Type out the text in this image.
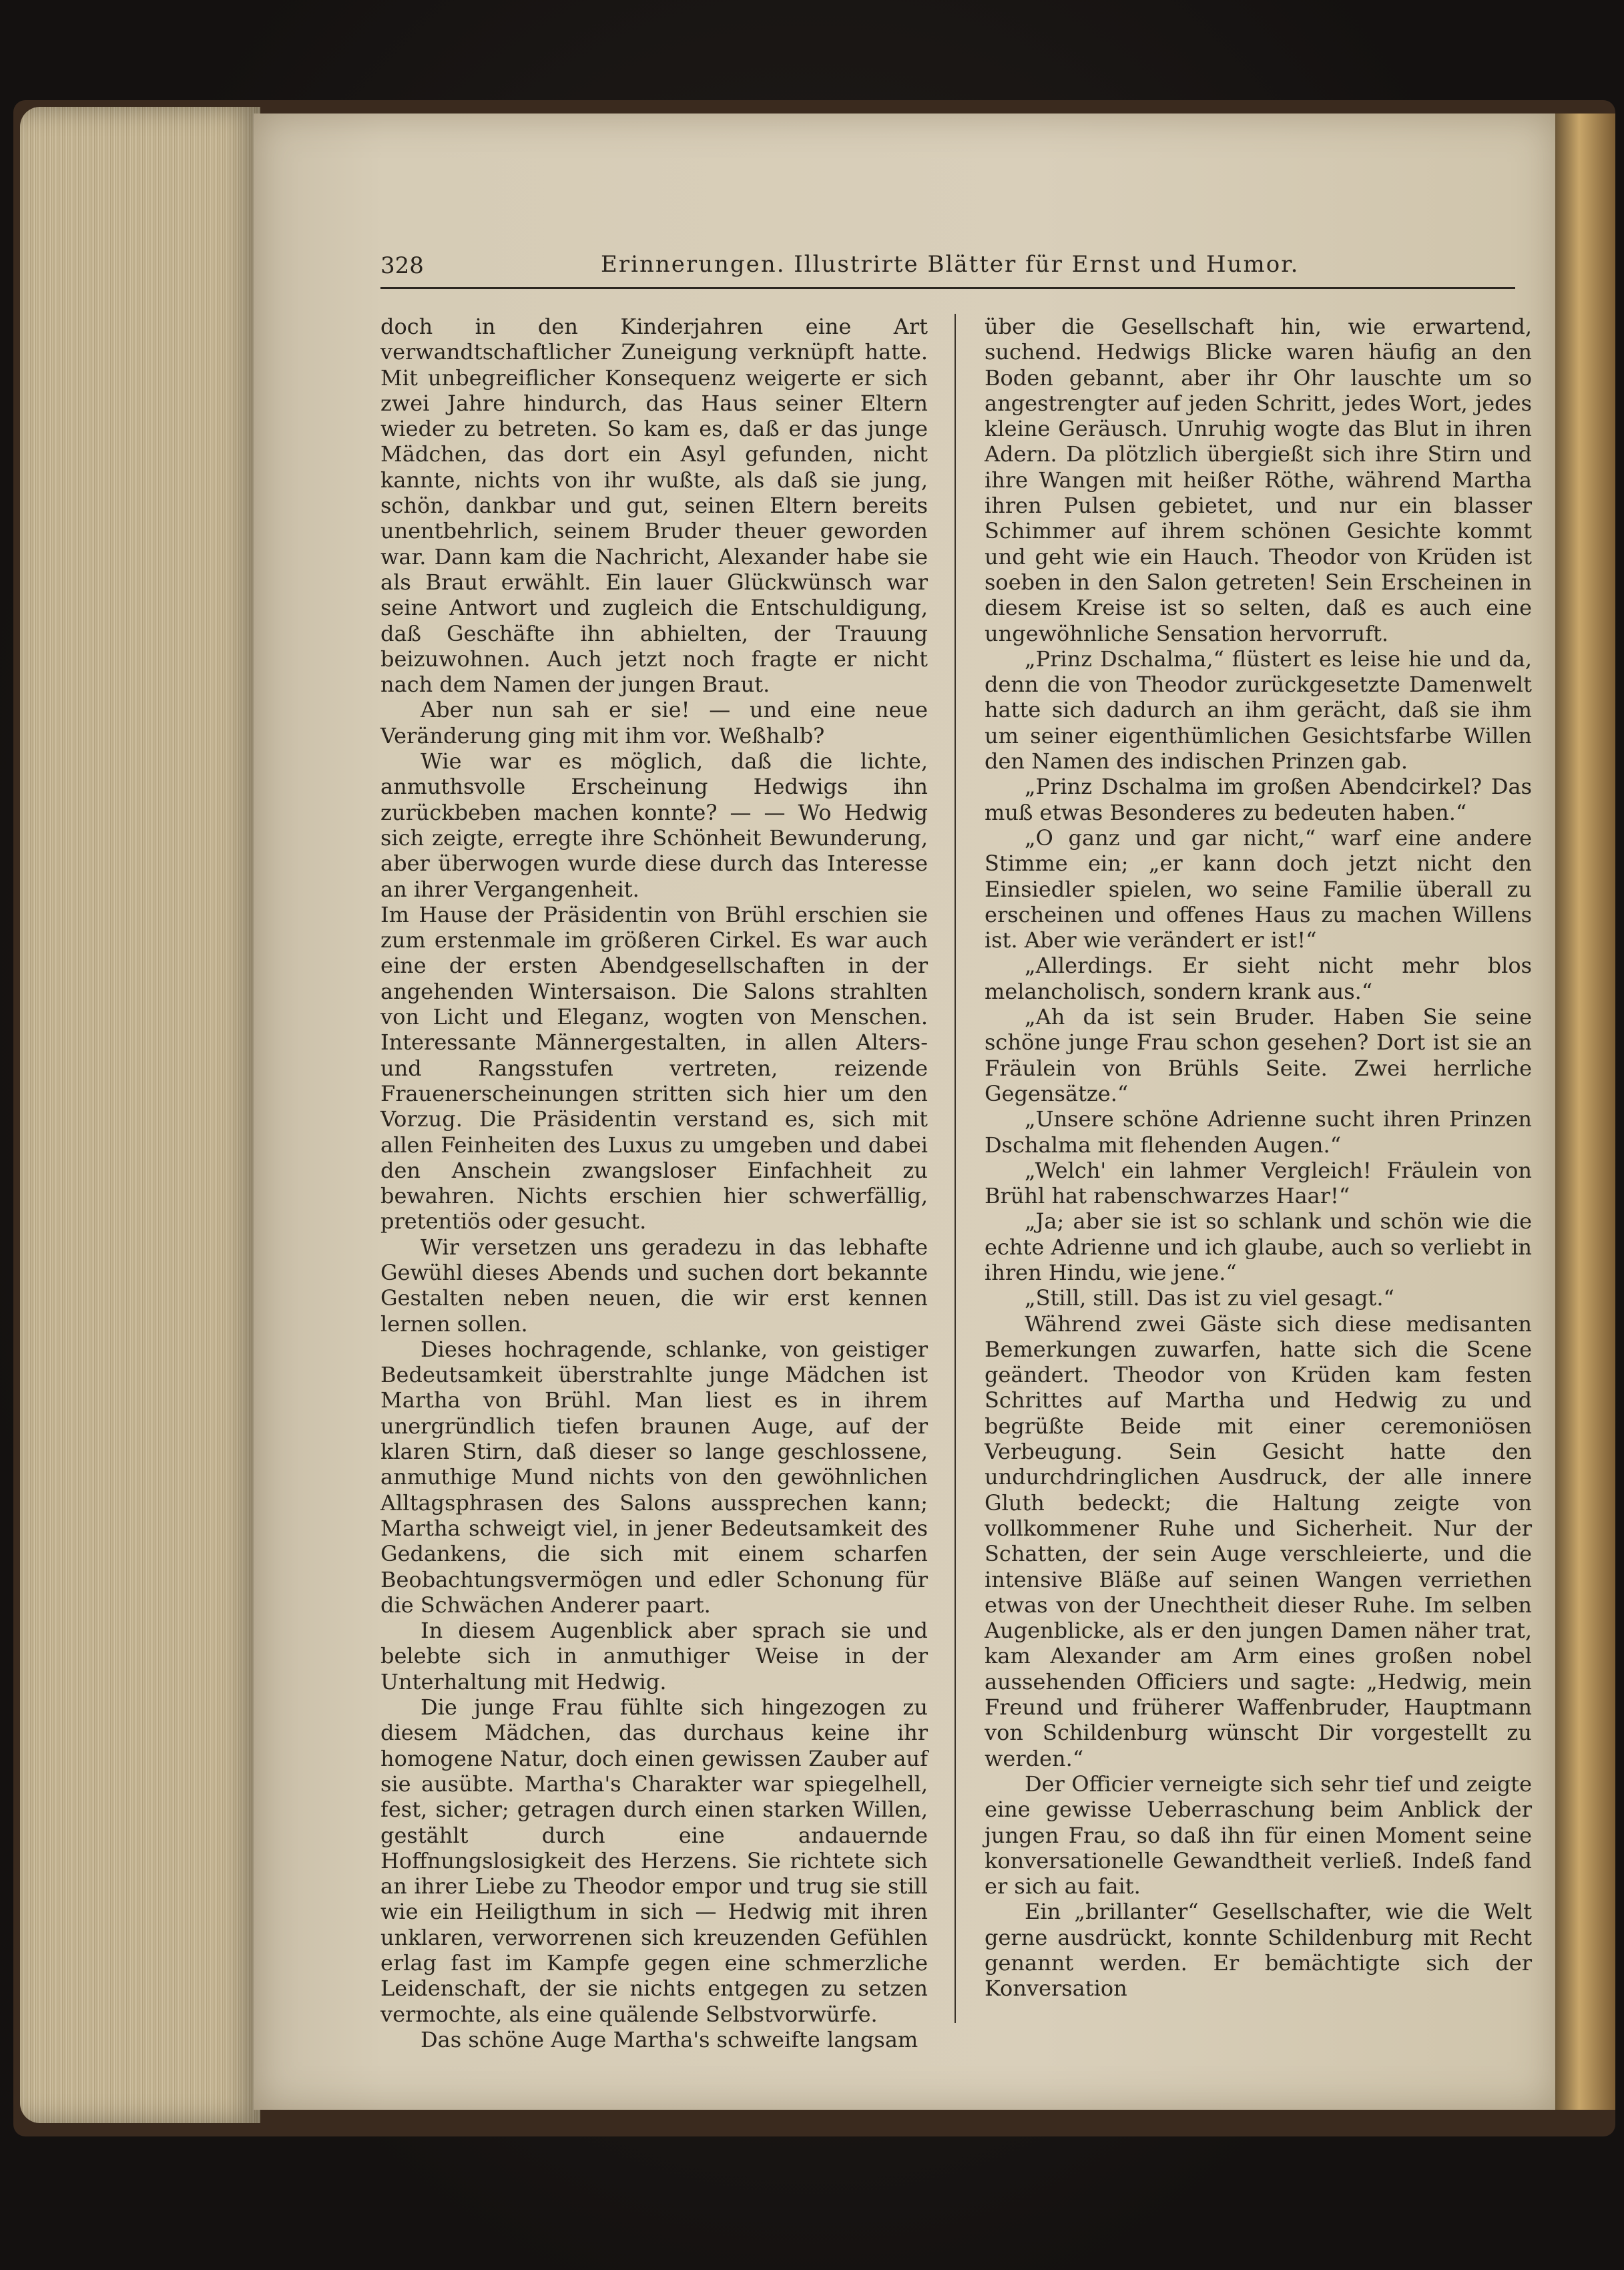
328	Erinnerungen. Illustrirte Blätter für Ernst und Humor.

doch in den Kinderjahren eine Art verwandtschaftlicher Zuneigung verknüpft hatte. Mit unbegreiflicher Konsequenz weigerte er sich zwei Jahre hindurch, das Haus seiner Eltern wieder zu betreten. So kam es, daß er das junge Mädchen, das dort ein Asyl gefunden, nicht kannte, nichts von ihr wußte, als daß sie jung, schön, dankbar und gut, seinen Eltern bereits unentbehrlich, seinem Bruder theuer geworden war. Dann kam die Nachricht, Alexander habe sie als Braut erwählt. Ein lauer Glückwünsch war seine Antwort und zugleich die Entschuldigung, daß Geschäfte ihn abhielten, der Trauung beizuwohnen. Auch jetzt noch fragte er nicht nach dem Namen der jungen Braut.

Aber nun sah er sie! — und eine neue Veränderung ging mit ihm vor. Weßhalb?

Wie war es möglich, daß die lichte, anmuthsvolle Erscheinung Hedwigs ihn zurückbeben machen konnte? — — Wo Hedwig sich zeigte, erregte ihre Schönheit Bewunderung, aber überwogen wurde diese durch das Interesse an ihrer Vergangenheit.

Im Hause der Präsidentin von Brühl erschien sie zum erstenmale im größeren Cirkel. Es war auch eine der ersten Abendgesellschaften in der angehenden Wintersaison. Die Salons strahlten von Licht und Eleganz, wogten von Menschen. Interessante Männergestalten, in allen Alters- und Rangsstufen vertreten, reizende Frauenerscheinungen stritten sich hier um den Vorzug. Die Präsidentin verstand es, sich mit allen Feinheiten des Luxus zu umgeben und dabei den Anschein zwangsloser Einfachheit zu bewahren. Nichts erschien hier schwerfällig, pretentiös oder gesucht.

Wir versetzen uns geradezu in das lebhafte Gewühl dieses Abends und suchen dort bekannte Gestalten neben neuen, die wir erst kennen lernen sollen.

Dieses hochragende, schlanke, von geistiger Bedeutsamkeit überstrahlte junge Mädchen ist Martha von Brühl. Man liest es in ihrem unergründlich tiefen braunen Auge, auf der klaren Stirn, daß dieser so lange geschlossene, anmuthige Mund nichts von den gewöhnlichen Alltagsphrasen des Salons aussprechen kann; Martha schweigt viel, in jener Bedeutsamkeit des Gedankens, die sich mit einem scharfen Beobachtungsvermögen und edler Schonung für die Schwächen Anderer paart.

In diesem Augenblick aber sprach sie und belebte sich in anmuthiger Weise in der Unterhaltung mit Hedwig.

Die junge Frau fühlte sich hingezogen zu diesem Mädchen, das durchaus keine ihr homogene Natur, doch einen gewissen Zauber auf sie ausübte. Martha's Charakter war spiegelhell, fest, sicher; getragen durch einen starken Willen, gestählt durch eine andauernde Hoffnungslosigkeit des Herzens. Sie richtete sich an ihrer Liebe zu Theodor empor und trug sie still wie ein Heiligthum in sich — Hedwig mit ihren unklaren, verworrenen sich kreuzenden Gefühlen erlag fast im Kampfe gegen eine schmerzliche Leidenschaft, der sie nichts entgegen zu setzen vermochte, als eine quälende Selbstvorwürfe.

Das schöne Auge Martha's schweifte langsam

über die Gesellschaft hin, wie erwartend, suchend. Hedwigs Blicke waren häufig an den Boden gebannt, aber ihr Ohr lauschte um so angestrengter auf jeden Schritt, jedes Wort, jedes kleine Geräusch. Unruhig wogte das Blut in ihren Adern. Da plötzlich übergießt sich ihre Stirn und ihre Wangen mit heißer Röthe, während Martha ihren Pulsen gebietet, und nur ein blasser Schimmer auf ihrem schönen Gesichte kommt und geht wie ein Hauch. Theodor von Krüden ist soeben in den Salon getreten! Sein Erscheinen in diesem Kreise ist so selten, daß es auch eine ungewöhnliche Sensation hervorruft.

„Prinz Dschalma,“ flüstert es leise hie und da, denn die von Theodor zurückgesetzte Damenwelt hatte sich dadurch an ihm gerächt, daß sie ihm um seiner eigenthümlichen Gesichtsfarbe Willen den Namen des indischen Prinzen gab.

„Prinz Dschalma im großen Abendcirkel? Das muß etwas Besonderes zu bedeuten haben.“

„O ganz und gar nicht,“ warf eine andere Stimme ein; „er kann doch jetzt nicht den Einsiedler spielen, wo seine Familie überall zu erscheinen und offenes Haus zu machen Willens ist. Aber wie verändert er ist!“

„Allerdings. Er sieht nicht mehr blos melancholisch, sondern krank aus.“

„Ah da ist sein Bruder. Haben Sie seine schöne junge Frau schon gesehen? Dort ist sie an Fräulein von Brühls Seite. Zwei herrliche Gegensätze.“

„Unsere schöne Adrienne sucht ihren Prinzen Dschalma mit flehenden Augen.“

„Welch' ein lahmer Vergleich! Fräulein von Brühl hat rabenschwarzes Haar!“

„Ja; aber sie ist so schlank und schön wie die echte Adrienne und ich glaube, auch so verliebt in ihren Hindu, wie jene.“

„Still, still. Das ist zu viel gesagt.“

Während zwei Gäste sich diese medisanten Bemerkungen zuwarfen, hatte sich die Scene geändert. Theodor von Krüden kam festen Schrittes auf Martha und Hedwig zu und begrüßte Beide mit einer ceremoniösen Verbeugung. Sein Gesicht hatte den undurchdringlichen Ausdruck, der alle innere Gluth bedeckt; die Haltung zeigte von vollkommener Ruhe und Sicherheit. Nur der Schatten, der sein Auge verschleierte, und die intensive Bläße auf seinen Wangen verriethen etwas von der Unechtheit dieser Ruhe. Im selben Augenblicke, als er den jungen Damen näher trat, kam Alexander am Arm eines großen nobel aussehenden Officiers und sagte: „Hedwig, mein Freund und früherer Waffenbruder, Hauptmann von Schildenburg wünscht Dir vorgestellt zu werden.“

Der Officier verneigte sich sehr tief und zeigte eine gewisse Ueberraschung beim Anblick der jungen Frau, so daß ihn für einen Moment seine konversationelle Gewandtheit verließ. Indeß fand er sich au fait.

Ein „brillanter“ Gesellschafter, wie die Welt gerne ausdrückt, konnte Schildenburg mit Recht genannt werden. Er bemächtigte sich der Konversation
